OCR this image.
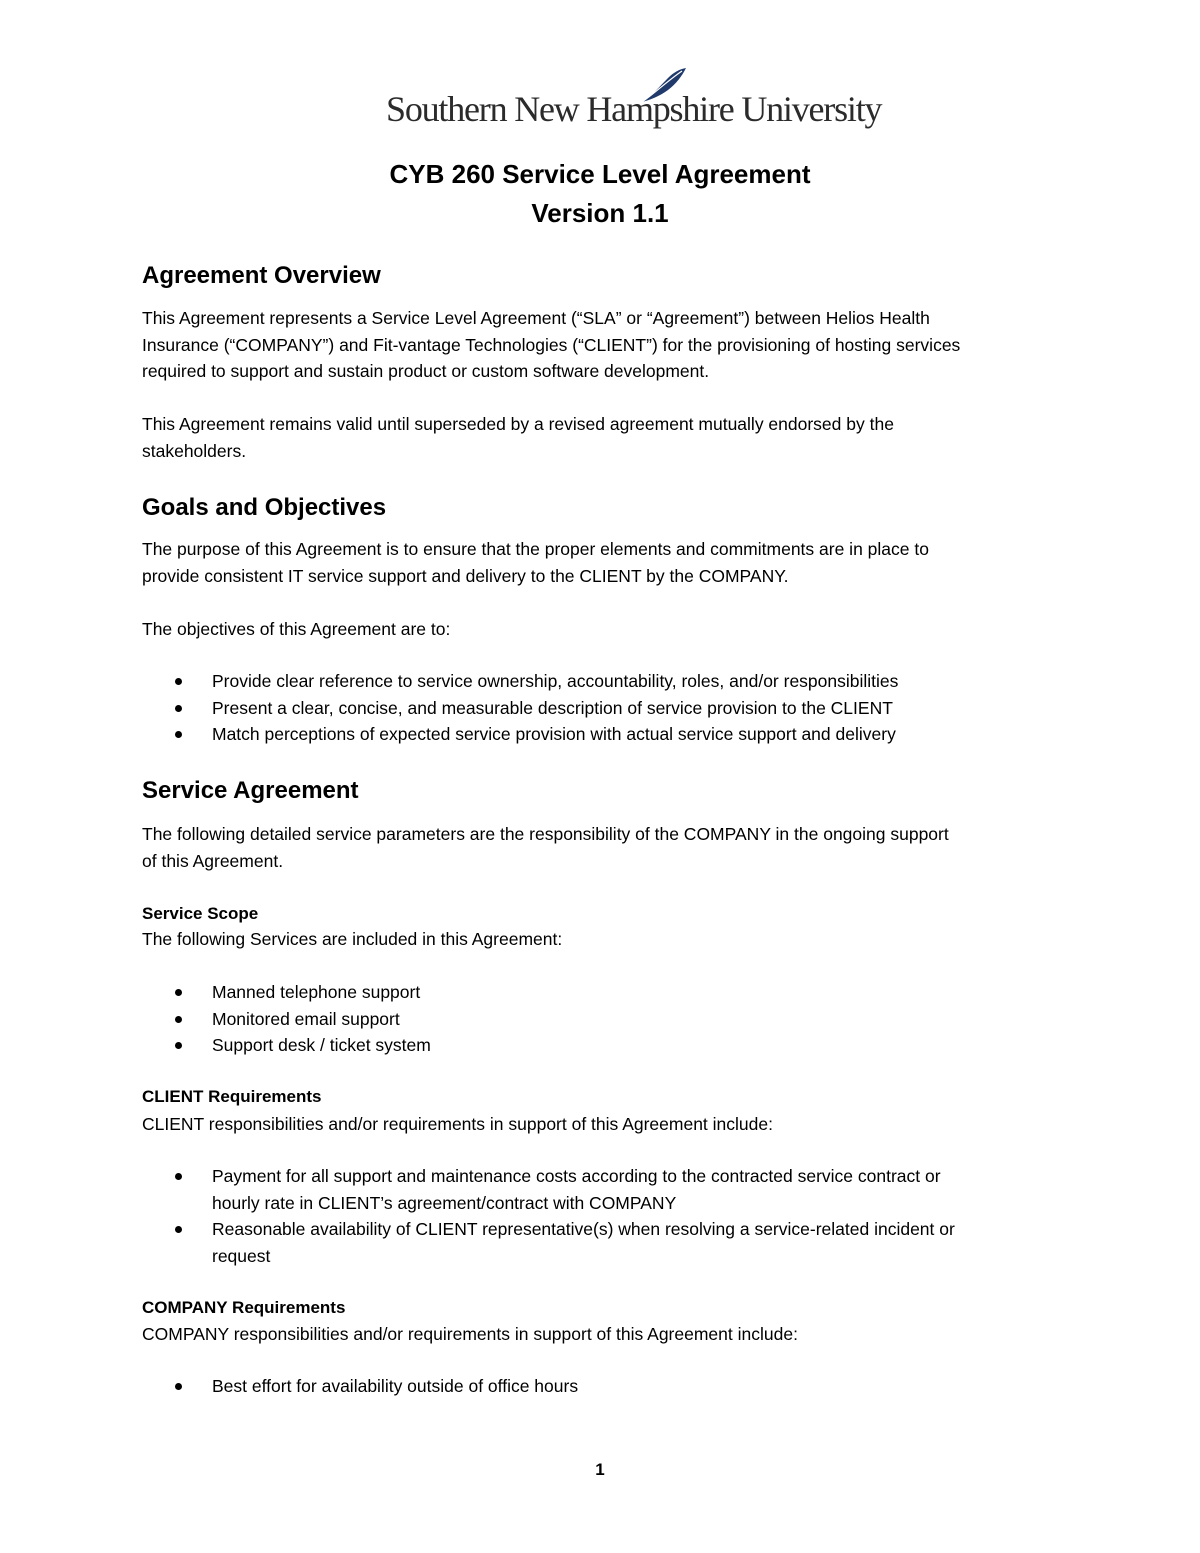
Southern New Hampshire University
CYB 260 Service Level Agreement
Version 1.1
Agreement Overview
This Agreement represents a Service Level Agreement (“SLA” or “Agreement”) between Helios Health
Insurance (“COMPANY”) and Fit-vantage Technologies (“CLIENT”) for the provisioning of hosting services
required to support and sustain product or custom software development.
This Agreement remains valid until superseded by a revised agreement mutually endorsed by the
stakeholders.
Goals and Objectives
The purpose of this Agreement is to ensure that the proper elements and commitments are in place to
provide consistent IT service support and delivery to the CLIENT by the COMPANY.
The objectives of this Agreement are to:
Provide clear reference to service ownership, accountability, roles, and/or responsibilities
Present a clear, concise, and measurable description of service provision to the CLIENT
Match perceptions of expected service provision with actual service support and delivery
Service Agreement
The following detailed service parameters are the responsibility of the COMPANY in the ongoing support
of this Agreement.
Service Scope
The following Services are included in this Agreement:
Manned telephone support
Monitored email support
Support desk / ticket system
CLIENT Requirements
CLIENT responsibilities and/or requirements in support of this Agreement include:
Payment for all support and maintenance costs according to the contracted service contract or
hourly rate in CLIENT’s agreement/contract with COMPANY
Reasonable availability of CLIENT representative(s) when resolving a service-related incident or
request
COMPANY Requirements
COMPANY responsibilities and/or requirements in support of this Agreement include:
Best effort for availability outside of office hours
1
